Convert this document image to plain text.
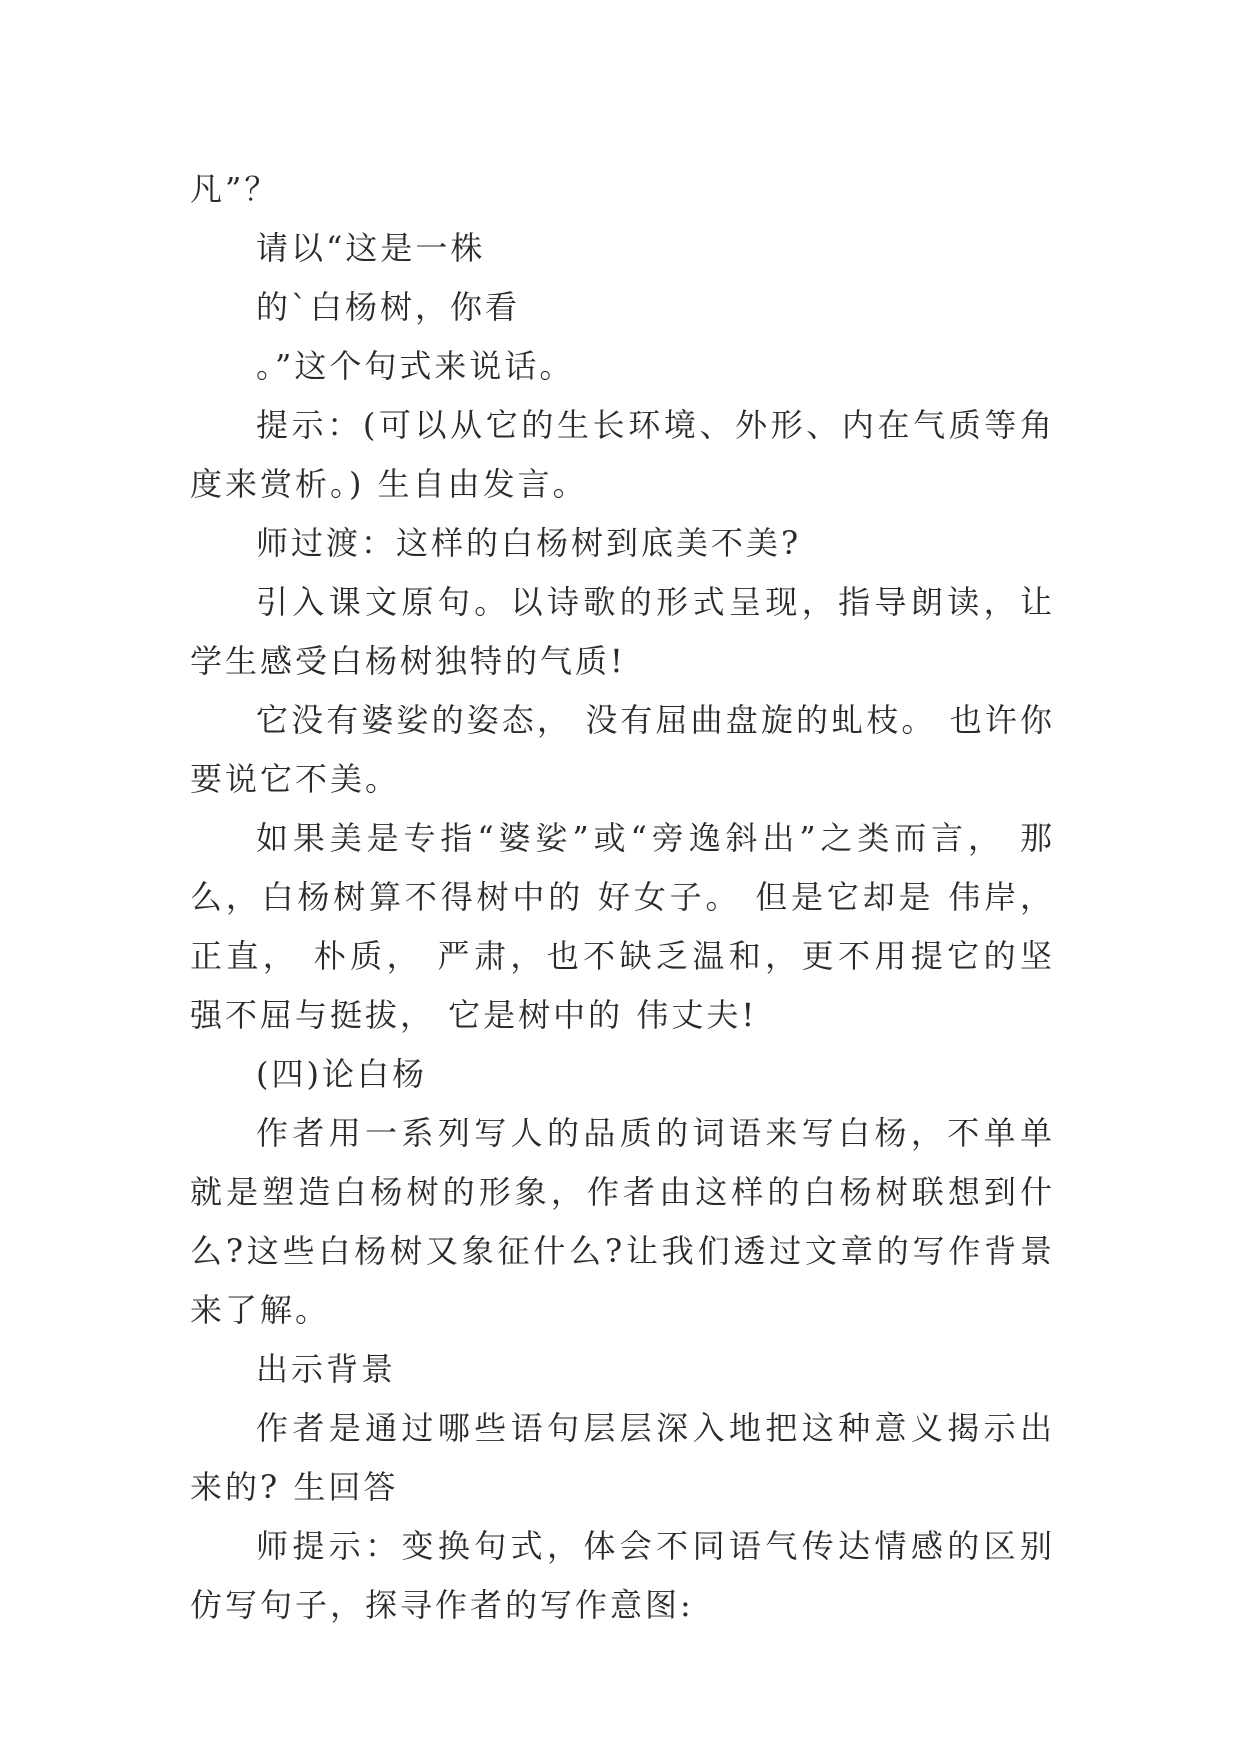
凡”？

请以“这是一株

的`白杨树，你看

。”这个句式来说话。

提示：(可以从它的生长环境、外形、内在气质等角度来赏析。) 生自由发言。

师过渡：这样的白杨树到底美不美?

引入课文原句。以诗歌的形式呈现，指导朗读，让学生感受白杨树独特的气质!

它没有婆娑的姿态， 没有屈曲盘旋的虬枝。 也许你要说它不美。

如果美是专指“婆娑”或“旁逸斜出”之类而言， 那么，白杨树算不得树中的 好女子。 但是它却是 伟岸， 正直， 朴质， 严肃，也不缺乏温和，更不用提它的坚强不屈与挺拔， 它是树中的 伟丈夫!

(四)论白杨

作者用一系列写人的品质的词语来写白杨，不单单就是塑造白杨树的形象，作者由这样的白杨树联想到什么?这些白杨树又象征什么?让我们透过文章的写作背景来了解。

出示背景

作者是通过哪些语句层层深入地把这种意义揭示出来的? 生回答

师提示：变换句式，体会不同语气传达情感的区别 仿写句子，探寻作者的写作意图:
